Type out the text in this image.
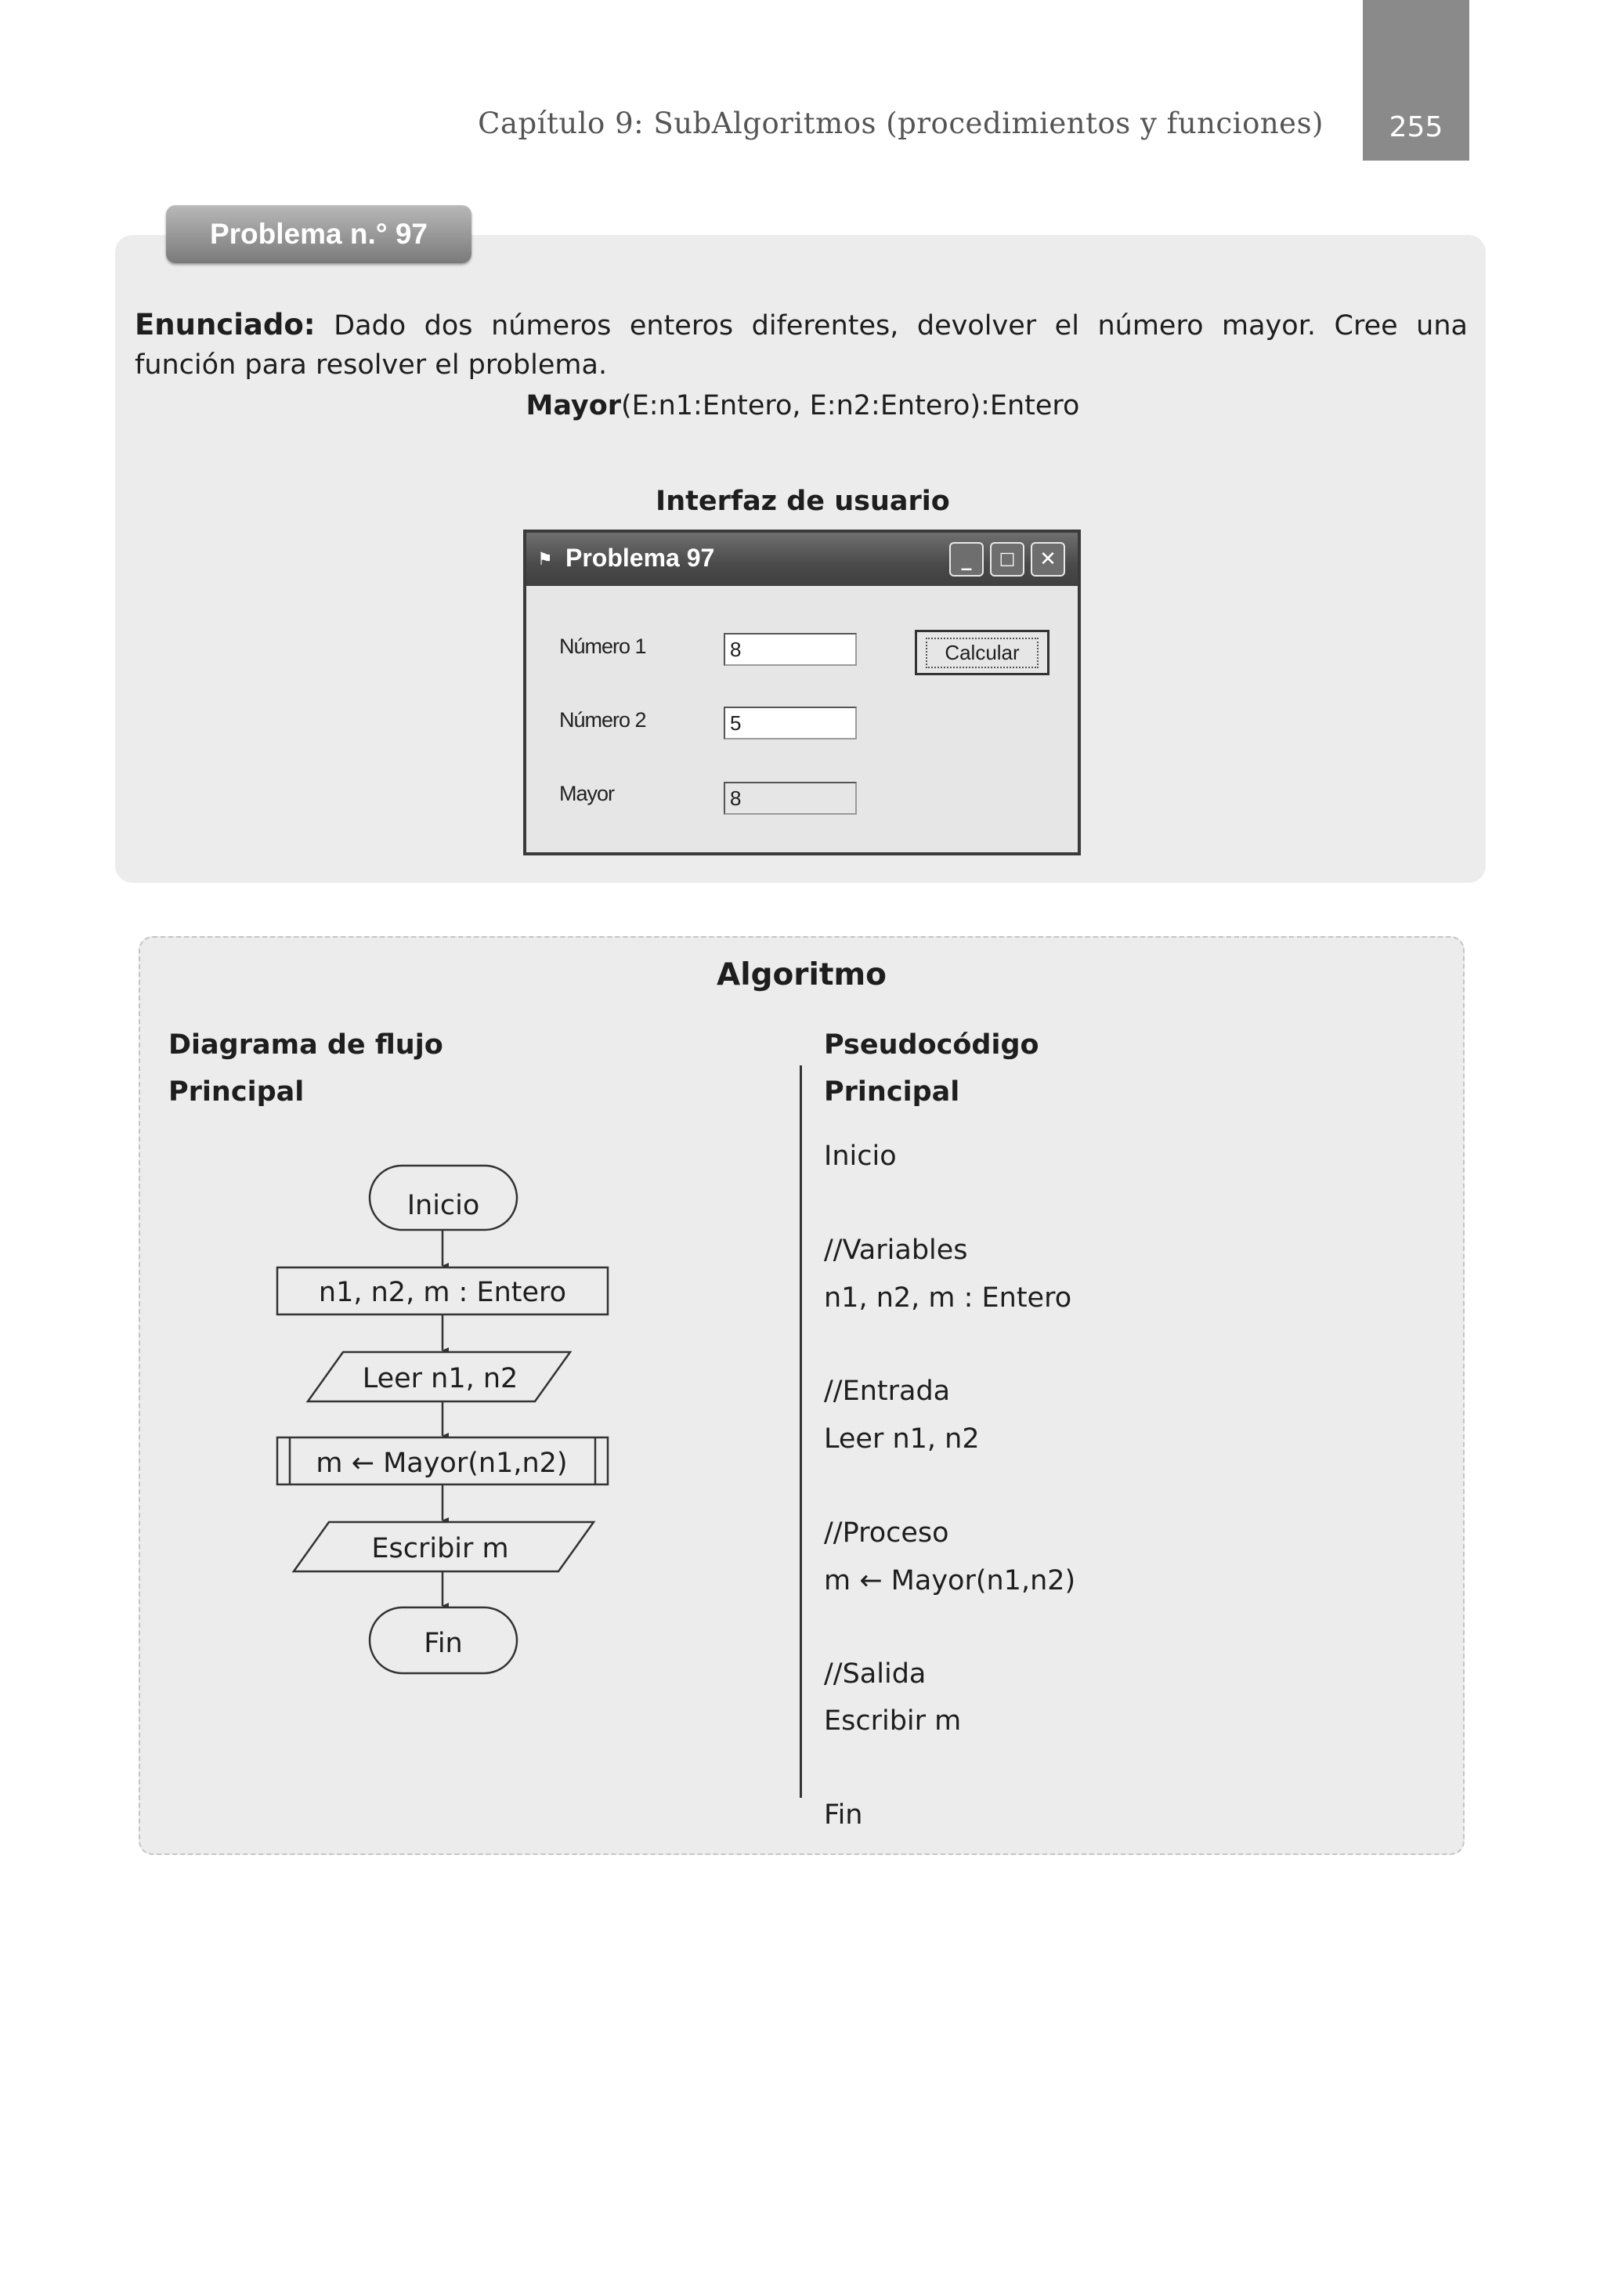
Capítulo 9: SubAlgoritmos (procedimientos y funciones)	255
Problema n.° 97
Enunciado: Dado dos números enteros diferentes, devolver el número mayor. Cree una función para resolver el problema.
Mayor(E:n1:Entero, E:n2:Entero):Entero
Interfaz de usuario
⚑ Problema 97	_	□	✕
Número 1	8
Número 2	5
Mayor	8
Calcular
Algoritmo
Diagrama de flujo
Principal
Pseudocódigo
Principal
Inicio
n1, n2, m : Entero
Leer n1, n2
m ← Mayor(n1,n2)
Escribir m
Fin
Inicio
//Variables
n1, n2, m : Entero
//Entrada
Leer n1, n2
//Proceso
m ← Mayor(n1,n2)
//Salida
Escribir m
Fin
